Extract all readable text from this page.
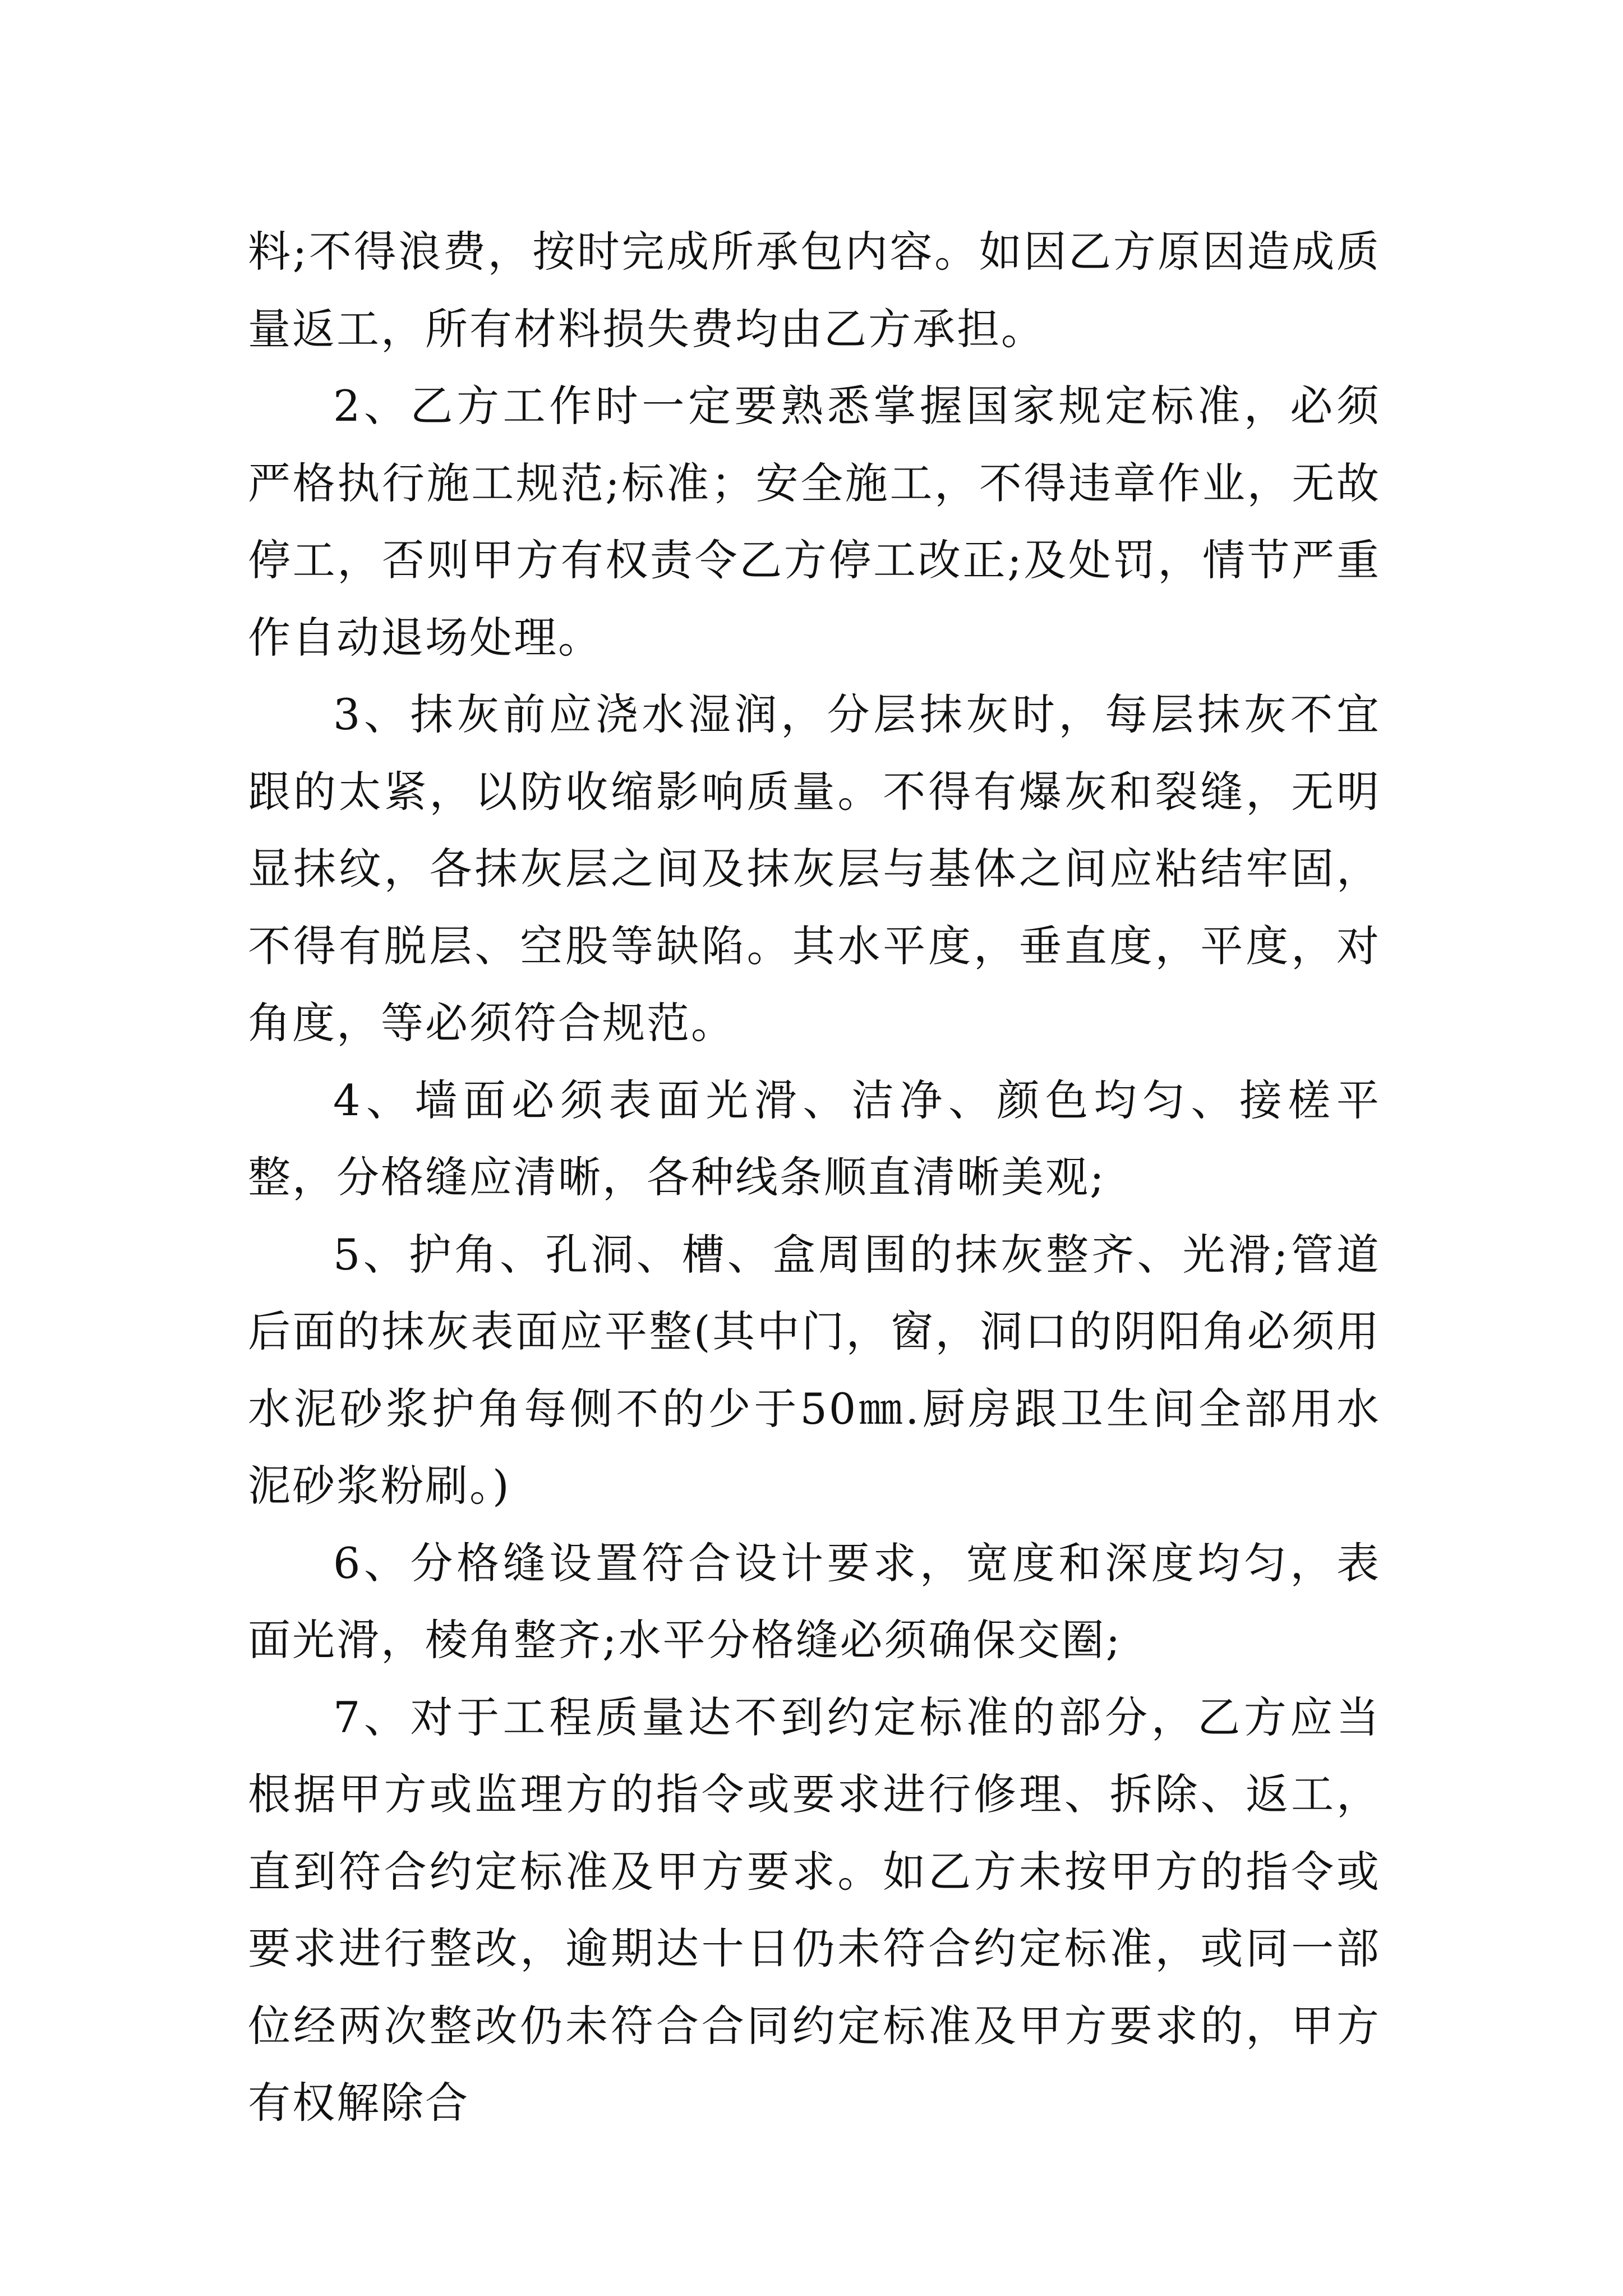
料;不得浪费，按时完成所承包内容。如因乙方原因造成质量返工，所有材料损失费均由乙方承担。

2、乙方工作时一定要熟悉掌握国家规定标准，必须严格执行施工规范;标准；安全施工，不得违章作业，无故停工，否则甲方有权责令乙方停工改正;及处罚，情节严重作自动退场处理。

3、抹灰前应浇水湿润，分层抹灰时，每层抹灰不宜跟的太紧，以防收缩影响质量。不得有爆灰和裂缝，无明显抹纹，各抹灰层之间及抹灰层与基体之间应粘结牢固，不得有脱层、空股等缺陷。其水平度，垂直度，平度，对角度，等必须符合规范。

4、墙面必须表面光滑、洁净、颜色均匀、接槎平整，分格缝应清晰，各种线条顺直清晰美观;

5、护角、孔洞、槽、盒周围的抹灰整齐、光滑;管道后面的抹灰表面应平整(其中门，窗，洞口的阴阳角必须用水泥砂浆护角每侧不的少于50㎜.厨房跟卫生间全部用水泥砂浆粉刷。)

6、分格缝设置符合设计要求，宽度和深度均匀，表面光滑，棱角整齐;水平分格缝必须确保交圈;

7、对于工程质量达不到约定标准的部分，乙方应当根据甲方或监理方的指令或要求进行修理、拆除、返工，直到符合约定标准及甲方要求。如乙方未按甲方的指令或要求进行整改，逾期达十日仍未符合约定标准，或同一部位经两次整改仍未符合合同约定标准及甲方要求的，甲方有权解除合
